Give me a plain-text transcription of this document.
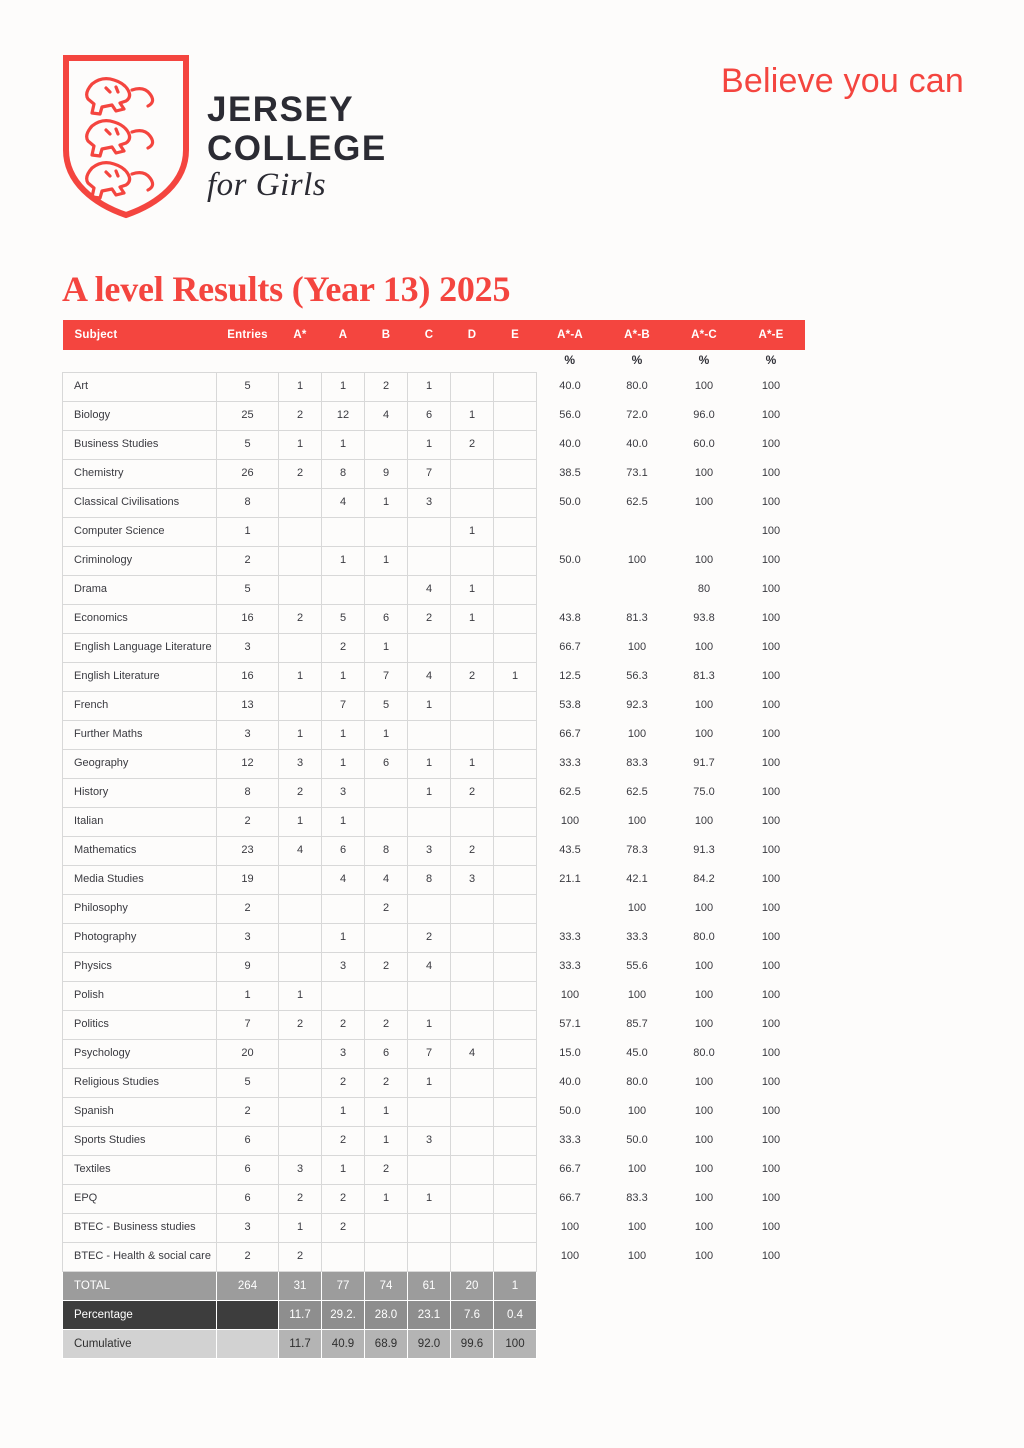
JERSEY
COLLEGE
for Girls
Believe you can
A level Results (Year 13) 2025
								%	%	%	%
Subject	Entries	A*	A	B	C	D	E	A*-A	A*-B	A*-C	A*-E
Art	5	1	1	2	1			40.0	80.0	100	100
Biology	25	2	12	4	6	1		56.0	72.0	96.0	100
Business Studies	5	1	1		1	2		40.0	40.0	60.0	100
Chemistry	26	2	8	9	7			38.5	73.1	100	100
Classical Civilisations	8		4	1	3			50.0	62.5	100	100
Computer Science	1					1					100
Criminology	2		1	1				50.0	100	100	100
Drama	5				4	1				80	100
Economics	16	2	5	6	2	1		43.8	81.3	93.8	100
English Language Literature	3		2	1				66.7	100	100	100
English Literature	16	1	1	7	4	2	1	12.5	56.3	81.3	100
French	13		7	5	1			53.8	92.3	100	100
Further Maths	3	1	1	1				66.7	100	100	100
Geography	12	3	1	6	1	1		33.3	83.3	91.7	100
History	8	2	3		1	2		62.5	62.5	75.0	100
Italian	2	1	1					100	100	100	100
Mathematics	23	4	6	8	3	2		43.5	78.3	91.3	100
Media Studies	19		4	4	8	3		21.1	42.1	84.2	100
Philosophy	2			2					100	100	100
Photography	3		1		2			33.3	33.3	80.0	100
Physics	9		3	2	4			33.3	55.6	100	100
Polish	1	1						100	100	100	100
Politics	7	2	2	2	1			57.1	85.7	100	100
Psychology	20		3	6	7	4		15.0	45.0	80.0	100
Religious Studies	5		2	2	1			40.0	80.0	100	100
Spanish	2		1	1				50.0	100	100	100
Sports Studies	6		2	1	3			33.3	50.0	100	100
Textiles	6	3	1	2				66.7	100	100	100
EPQ	6	2	2	1	1			66.7	83.3	100	100
BTEC - Business studies	3	1	2					100	100	100	100
BTEC - Health & social care	2	2						100	100	100	100
TOTAL	264	31	77	74	61	20	1				
Percentage		11.7	29.2.	28.0	23.1	7.6	0.4				
Cumulative		11.7	40.9	68.9	92.0	99.6	100				
